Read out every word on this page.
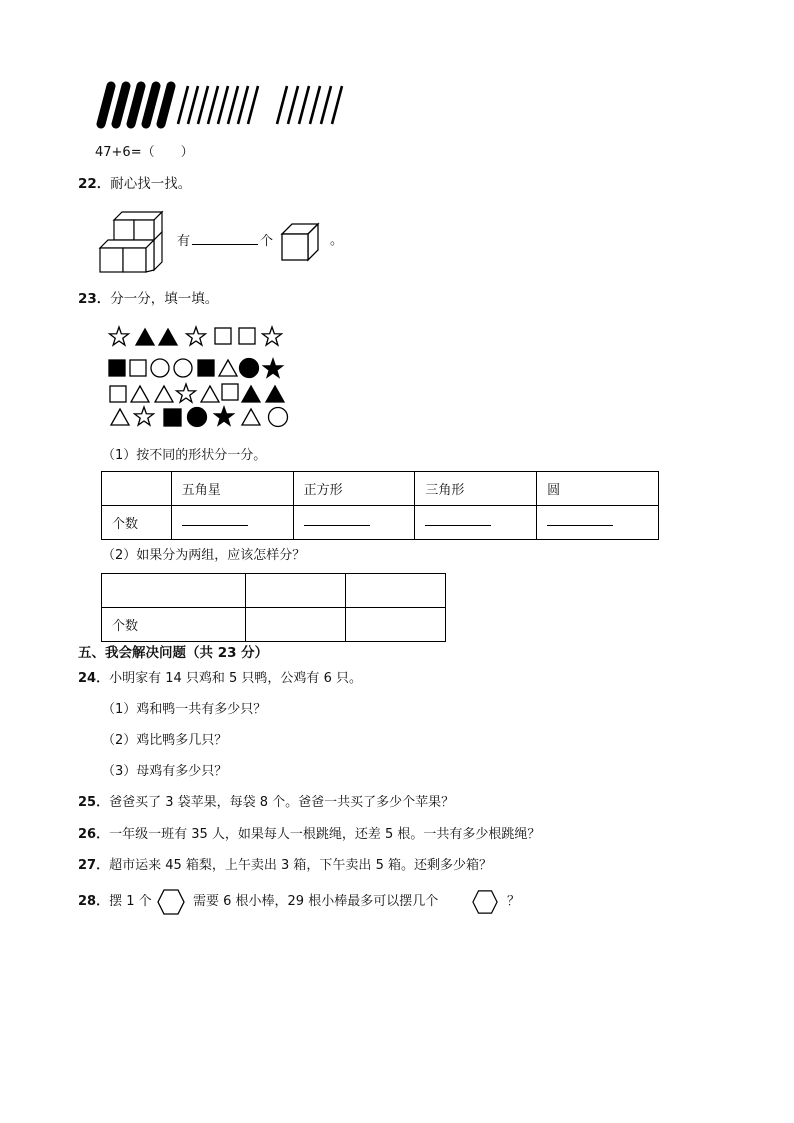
47+6=（　　）
22．耐心找一找。
有	个	。
23．分一分，填一填。
（1）按不同的形状分一分。
	五角星	正方形	三角形	圆
个数				
（2）如果分为两组，应该怎样分？

个数		
五、我会解决问题（共 23 分）
24．小明家有 14 只鸡和 5 只鸭，公鸡有 6 只。
（1）鸡和鸭一共有多少只？
（2）鸡比鸭多几只？
（3）母鸡有多少只？
25．爸爸买了 3 袋苹果，每袋 8 个。爸爸一共买了多少个苹果？
26．一年级一班有 35 人，如果每人一根跳绳，还差 5 根。一共有多少根跳绳？
27．超市运来 45 箱梨，上午卖出 3 箱，下午卖出 5 箱。还剩多少箱？
28．摆 1 个	需要 6 根小棒，29 根小棒最多可以摆几个	？
